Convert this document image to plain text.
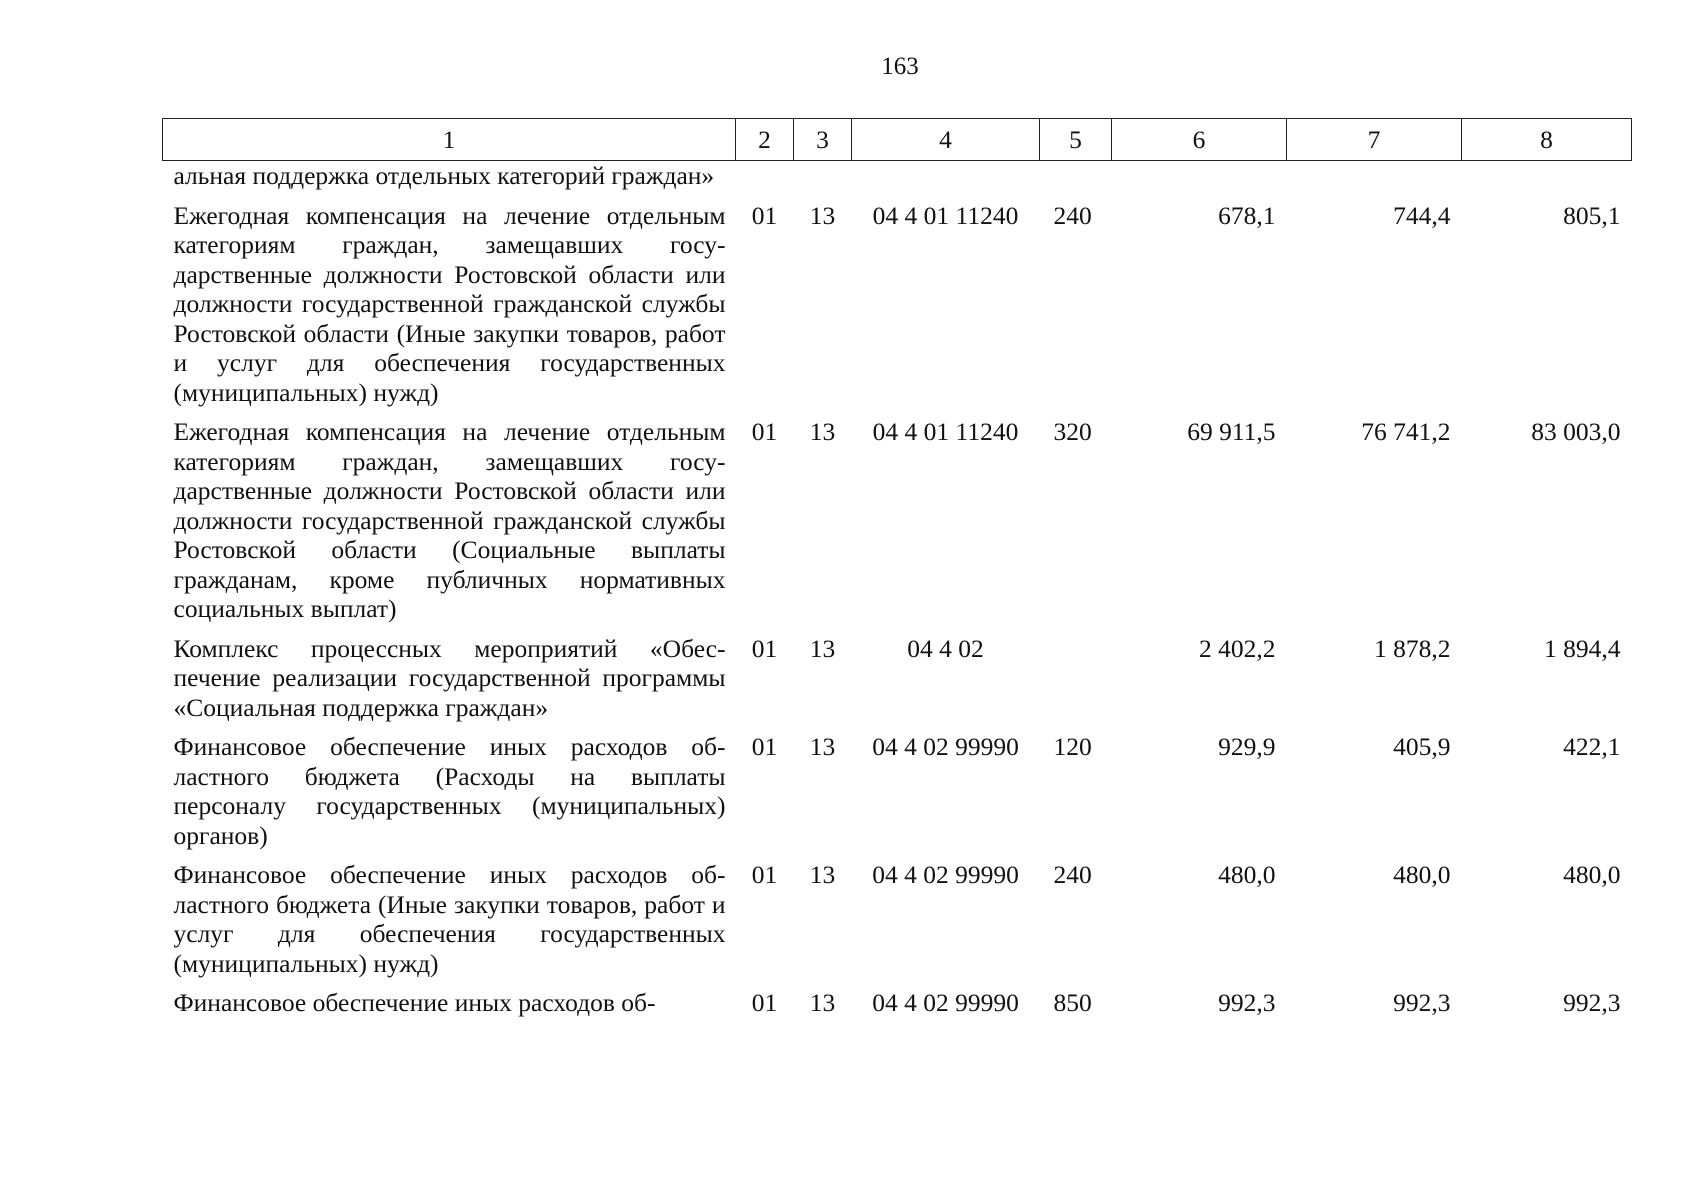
163
1	2	3	4	5	6	7	8
альная поддержка отдельных категорий граждан»							
Ежегодная компенсация на лечение отдельным категориям граждан, замещавших государственные должности Ростовской области или должности государственной гражданской службы Ростовской области (Иные закупки товаров, работ и услуг для обеспечения государственных (муниципальных) нужд)	01	13	04 4 01 11240	240	678,1	744,4	805,1
Ежегодная компенсация на лечение отдельным категориям граждан, замещавших государственные должности Ростовской области или должности государственной гражданской службы Ростовской области (Социальные выплаты гражданам, кроме публичных нормативных социальных выплат)	01	13	04 4 01 11240	320	69 911,5	76 741,2	83 003,0
Комплекс процессных мероприятий «Обеспечение реализации государственной программы «Социальная поддержка граждан»	01	13	04 4 02		2 402,2	1 878,2	1 894,4
Финансовое обеспечение иных расходов областного бюджета (Расходы на выплаты персоналу государственных (муниципальных) органов)	01	13	04 4 02 99990	120	929,9	405,9	422,1
Финансовое обеспечение иных расходов областного бюджета (Иные закупки товаров, работ и услуг для обеспечения государственных (муниципальных) нужд)	01	13	04 4 02 99990	240	480,0	480,0	480,0
Финансовое обеспечение иных расходов об-	01	13	04 4 02 99990	850	992,3	992,3	992,3
